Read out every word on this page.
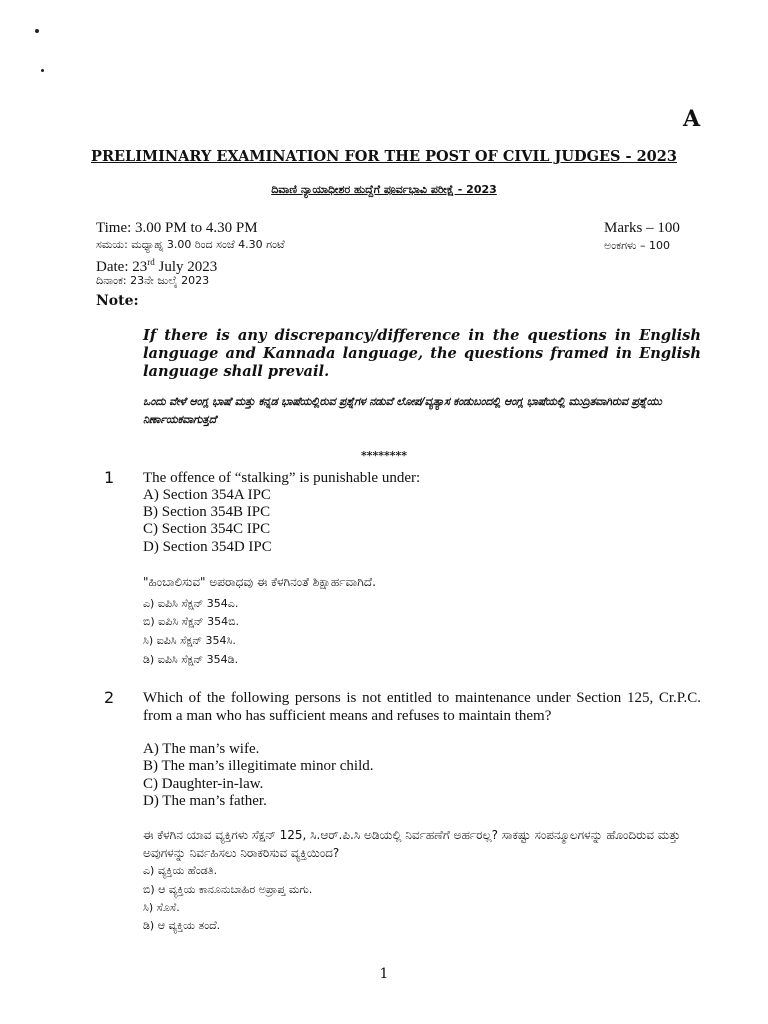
A
PRELIMINARY EXAMINATION FOR THE POST OF CIVIL JUDGES - 2023
ದಿವಾಣಿ ನ್ಯಾಯಾಧೀಶರ ಹುದ್ದೆಗೆ ಪೂರ್ವಭಾವಿ ಪರೀಕ್ಷೆ - 2023
Time: 3.00 PM to 4.30 PM
ಸಮಯ: ಮಧ್ಯಾಹ್ನ 3.00 ರಿಂದ ಸಂಜೆ 4.30 ಗಂಟೆ
Marks – 100
ಅಂಕಗಳು – 100
Date: 23rd July 2023
ದಿನಾಂಕ: 23ನೇ ಜುಲೈ 2023
Note:
If there is any discrepancy/difference in the questions in English language and Kannada language, the questions framed in English language shall prevail.
ಒಂದು ವೇಳೆ ಆಂಗ್ಲ ಭಾಷೆ ಮತ್ತು ಕನ್ನಡ ಭಾಷೆಯಲ್ಲಿರುವ ಪ್ರಶ್ನೆಗಳ ನಡುವೆ ಲೋಪ/ವ್ಯತ್ಯಾಸ ಕಂಡುಬಂದಲ್ಲಿ ಆಂಗ್ಲ ಭಾಷೆಯಲ್ಲಿ ಮುದ್ರಿತವಾಗಿರುವ ಪ್ರಶ್ನೆಯು ನಿರ್ಣಾಯಕವಾಗುತ್ತದೆ
********
1 The offence of “stalking” is punishable under:
A) Section 354A IPC
B) Section 354B IPC
C) Section 354C IPC
D) Section 354D IPC
"ಹಿಂಬಾಲಿಸುವ" ಅಪರಾಧವು ಈ ಕೆಳಗಿನಂತೆ ಶಿಕ್ಷಾರ್ಹವಾಗಿದೆ.
ಎ) ಐಪಿಸಿ ಸೆಕ್ಷನ್ 354ಎ.
ಬಿ) ಐಪಿಸಿ ಸೆಕ್ಷನ್ 354ಬಿ.
ಸಿ) ಐಪಿಸಿ ಸೆಕ್ಷನ್ 354ಸಿ.
ಡಿ) ಐಪಿಸಿ ಸೆಕ್ಷನ್ 354ಡಿ.
2 Which of the following persons is not entitled to maintenance under Section 125, Cr.P.C. from a man who has sufficient means and refuses to maintain them?
A) The man’s wife.
B) The man’s illegitimate minor child.
C) Daughter-in-law.
D) The man’s father.
ಈ ಕೆಳಗಿನ ಯಾವ ವ್ಯಕ್ತಿಗಳು ಸೆಕ್ಷನ್ 125, ಸಿ.ಆರ್.ಪಿ.ಸಿ ಅಡಿಯಲ್ಲಿ ನಿರ್ವಹಣೆಗೆ ಅರ್ಹರಲ್ಲ? ಸಾಕಷ್ಟು ಸಂಪನ್ಮೂಲಗಳನ್ನು ಹೊಂದಿರುವ ಮತ್ತು ಅವುಗಳನ್ನು ನಿರ್ವಹಿಸಲು ನಿರಾಕರಿಸುವ ವ್ಯಕ್ತಿಯಿಂದ?
ಎ) ವ್ಯಕ್ತಿಯ ಹೆಂಡತಿ.
ಬಿ) ಆ ವ್ಯಕ್ತಿಯ ಕಾನೂನುಬಾಹಿರ ಅಪ್ರಾಪ್ತ ಮಗು.
ಸಿ) ಸೊಸೆ.
ಡಿ) ಆ ವ್ಯಕ್ತಿಯ ತಂದೆ.
1
